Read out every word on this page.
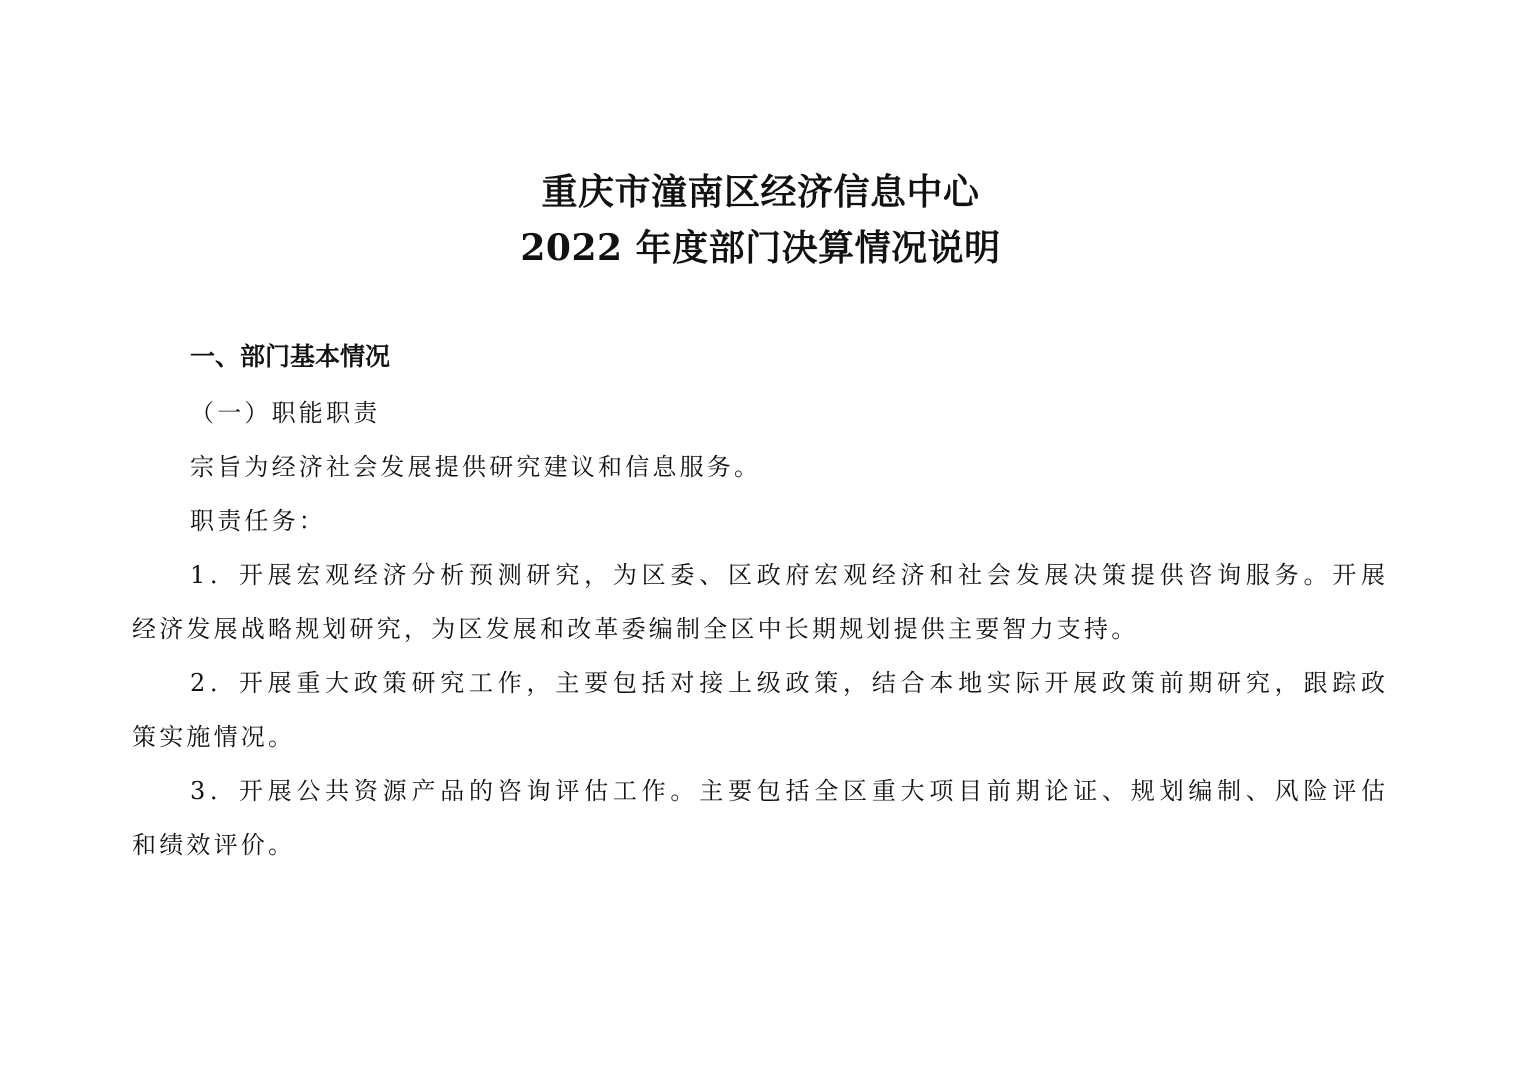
重庆市潼南区经济信息中心
2022 年度部门决算情况说明
一、部门基本情况
（一）职能职责
宗旨为经济社会发展提供研究建议和信息服务。
职责任务：
1．开展宏观经济分析预测研究，为区委、区政府宏观经济和社会发展决策提供咨询服务。开展
经济发展战略规划研究，为区发展和改革委编制全区中长期规划提供主要智力支持。
2．开展重大政策研究工作，主要包括对接上级政策，结合本地实际开展政策前期研究，跟踪政
策实施情况。
3．开展公共资源产品的咨询评估工作。主要包括全区重大项目前期论证、规划编制、风险评估
和绩效评价。
